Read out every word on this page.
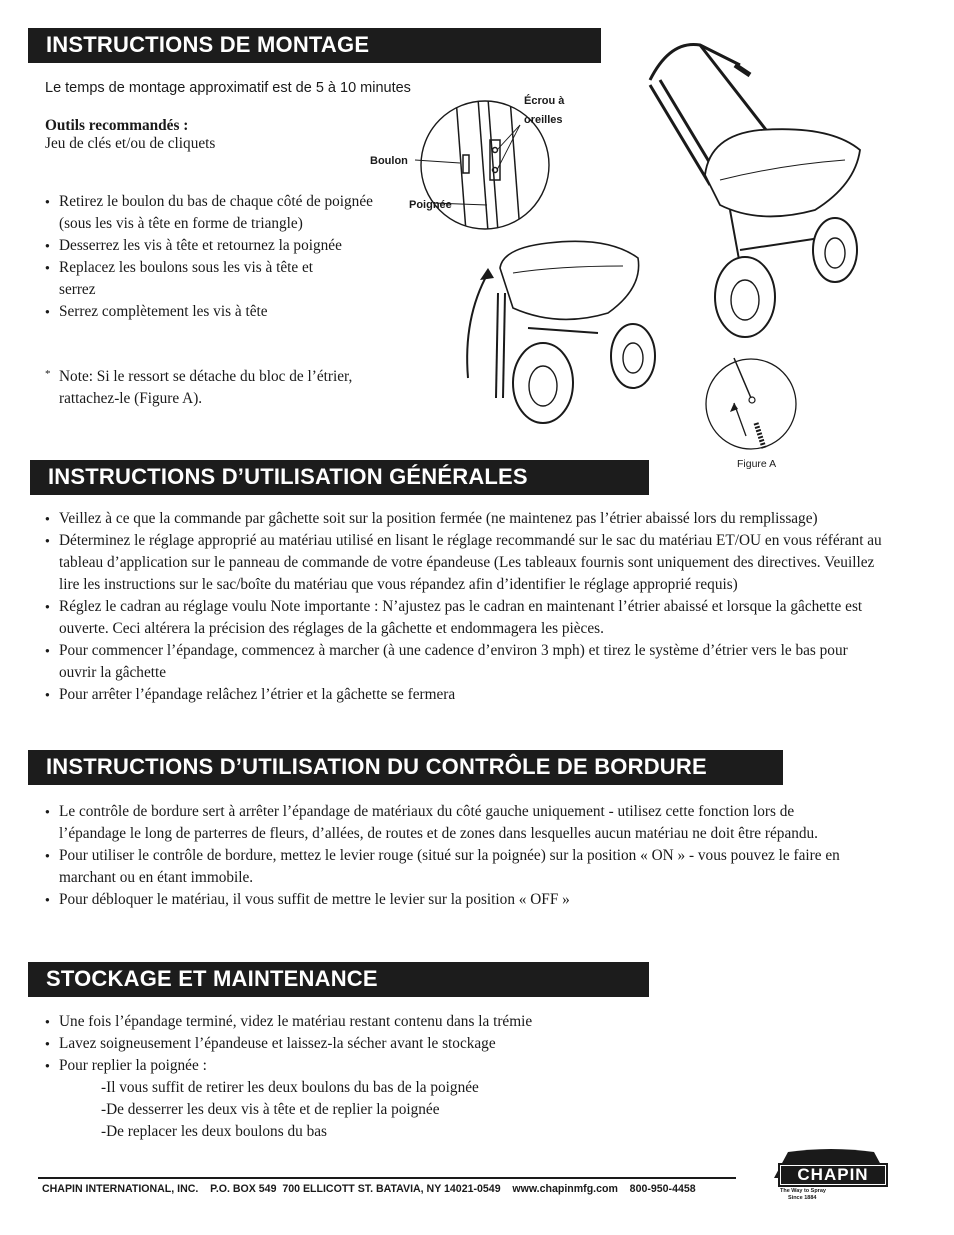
INSTRUCTIONS DE MONTAGE
Le temps de montage approximatif est de 5 à 10 minutes
Outils recommandés :
Jeu de clés et/ou de cliquets
● Retirez le boulon du bas de chaque côté de poignée (sous les vis à tête en forme de triangle)
● Desserrez les vis à tête et retournez la poignée
● Replacez les boulons sous les vis à tête et serrez
● Serrez complètement les vis à tête
* Note: Si le ressort se détache du bloc de l’étrier, rattachez-le (Figure A).
Écrou à
oreilles
Boulon
Poignée
Figure A
INSTRUCTIONS D’UTILISATION GÉNÉRALES
● Veillez à ce que la commande par gâchette soit sur la position fermée (ne maintenez pas l’étrier abaissé lors du remplissage)
● Déterminez le réglage approprié au matériau utilisé en lisant le réglage recommandé sur le sac du matériau ET/OU en vous référant au tableau d’application sur le panneau de commande de votre épandeuse (Les tableaux fournis sont uniquement des directives. Veuillez lire les instructions sur le sac/boîte du matériau que vous répandez afin d’identifier le réglage approprié requis)
● Réglez le cadran au réglage voulu Note importante : N’ajustez pas le cadran en maintenant l’étrier abaissé et lorsque la gâchette est ouverte. Ceci altérera la précision des réglages de la gâchette et endommagera les pièces.
● Pour commencer l’épandage, commencez à marcher (à une cadence d’environ 3 mph) et tirez le système d’étrier vers le bas pour ouvrir la gâchette
● Pour arrêter l’épandage relâchez l’étrier et la gâchette se fermera
INSTRUCTIONS D’UTILISATION DU CONTRÔLE DE BORDURE
● Le contrôle de bordure sert à arrêter l’épandage de matériaux du côté gauche uniquement - utilisez cette fonction lors de l’épandage le long de parterres de fleurs, d’allées, de routes et de zones dans lesquelles aucun matériau ne doit être répandu.
● Pour utiliser le contrôle de bordure, mettez le levier rouge (situé sur la poignée) sur la position « ON » - vous pouvez le faire en marchant ou en étant immobile.
● Pour débloquer le matériau, il vous suffit de mettre le levier sur la position « OFF »
STOCKAGE ET MAINTENANCE
● Une fois l’épandage terminé, videz le matériau restant contenu dans la trémie
● Lavez soigneusement l’épandeuse et laissez-la sécher avant le stockage
● Pour replier la poignée :
-Il vous suffit de retirer les deux boulons du bas de la poignée
-De desserrer les deux vis à tête et de replier la poignée
-De replacer les deux boulons du bas
CHAPIN INTERNATIONAL, INC.    P.O. BOX 549  700 ELLICOTT ST. BATAVIA, NY 14021-0549    www.chapinmfg.com    800-950-4458
CHAPIN
The Way to Spray
Since 1884
